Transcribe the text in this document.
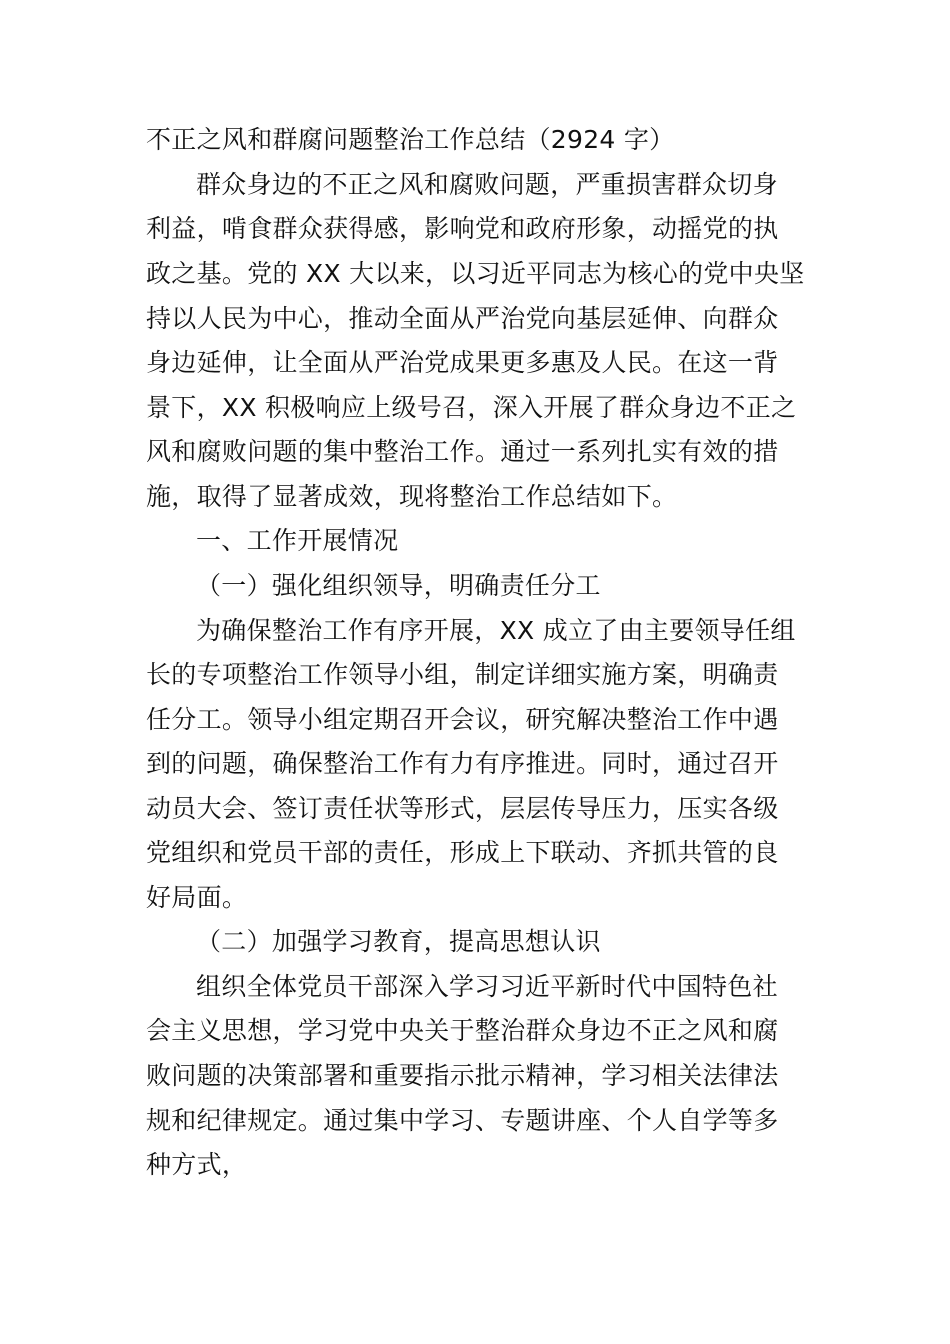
不正之风和群腐问题整治工作总结（2924 字）
群众身边的不正之风和腐败问题，严重损害群众切身
利益，啃食群众获得感，影响党和政府形象，动摇党的执
政之基。党的 XX 大以来，以习近平同志为核心的党中央坚
持以人民为中心，推动全面从严治党向基层延伸、向群众
身边延伸，让全面从严治党成果更多惠及人民。在这一背
景下，XX 积极响应上级号召，深入开展了群众身边不正之
风和腐败问题的集中整治工作。通过一系列扎实有效的措
施，取得了显著成效，现将整治工作总结如下。
一、工作开展情况
（一）强化组织领导，明确责任分工
为确保整治工作有序开展，XX 成立了由主要领导任组
长的专项整治工作领导小组，制定详细实施方案，明确责
任分工。领导小组定期召开会议，研究解决整治工作中遇
到的问题，确保整治工作有力有序推进。同时，通过召开
动员大会、签订责任状等形式，层层传导压力，压实各级
党组织和党员干部的责任，形成上下联动、齐抓共管的良
好局面。
（二）加强学习教育，提高思想认识
组织全体党员干部深入学习习近平新时代中国特色社
会主义思想，学习党中央关于整治群众身边不正之风和腐
败问题的决策部署和重要指示批示精神，学习相关法律法
规和纪律规定。通过集中学习、专题讲座、个人自学等多
种方式，
